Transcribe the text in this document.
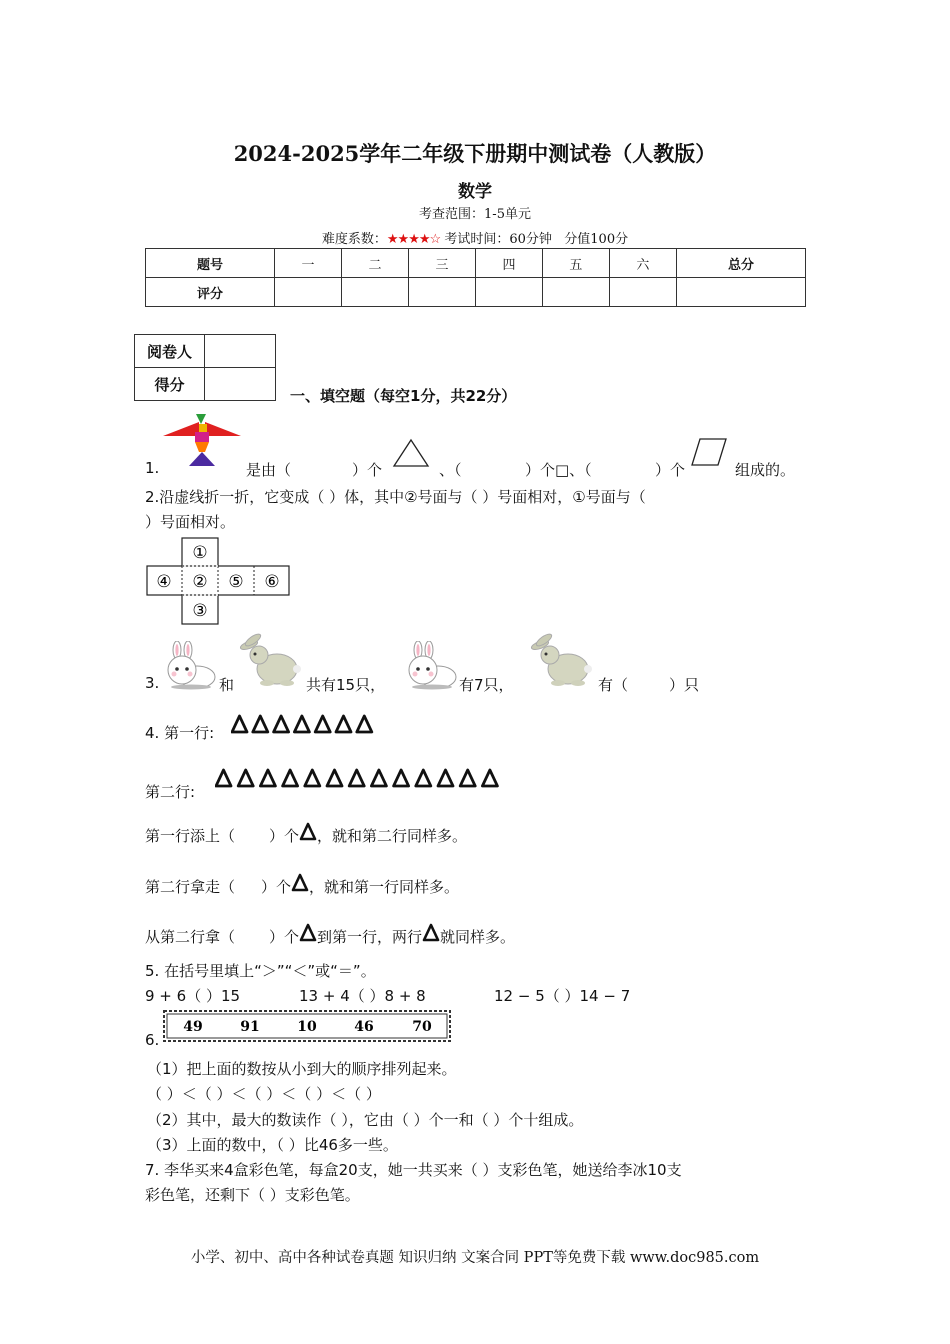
2024-2025学年二年级下册期中测试卷（人教版）
数学
考查范围：1-5单元
难度系数：★★★★☆ 考试时间：60分钟 分值100分
题号	一	二	三	四	五	六	总分
评分							
阅卷人	
得分	
一、填空题（每空1分，共22分）
1.	是由（	）个	、（	）个□、（	）个	组成的。
2.沿虚线折一折，它变成（ ）体，其中②号面与（ ）号面相对，①号面与（
）号面相对。
①
④ ② ⑤ ⑥
③
3.	和	共有15只，	有7只，	有（	）只
4. 第一行:
第二行:
第一行添上（ ）个 ，就和第二行同样多。
第二行拿走（ ）个 ，就和第一行同样多。
从第二行拿（ ）个 到第一行，两行 就同样多。
5. 在括号里填上“＞”“＜”或“＝”。
9 + 6（ ）15	13 + 4（ ）8 + 8	12 − 5（ ）14 − 7
49	91	10	46	70
6.
（1）把上面的数按从小到大的顺序排列起来。
（ ）＜（ ）＜（ ）＜（ ）＜（ ）
（2）其中，最大的数读作（ ），它由（ ）个一和（ ）个十组成。
（3）上面的数中，（ ）比46多一些。
7. 李华买来4盒彩色笔，每盒20支，她一共买来（ ）支彩色笔，她送给李冰10支
彩色笔，还剩下（ ）支彩色笔。
小学、初中、高中各种试卷真题 知识归纳 文案合同 PPT等免费下载 www.doc985.com
